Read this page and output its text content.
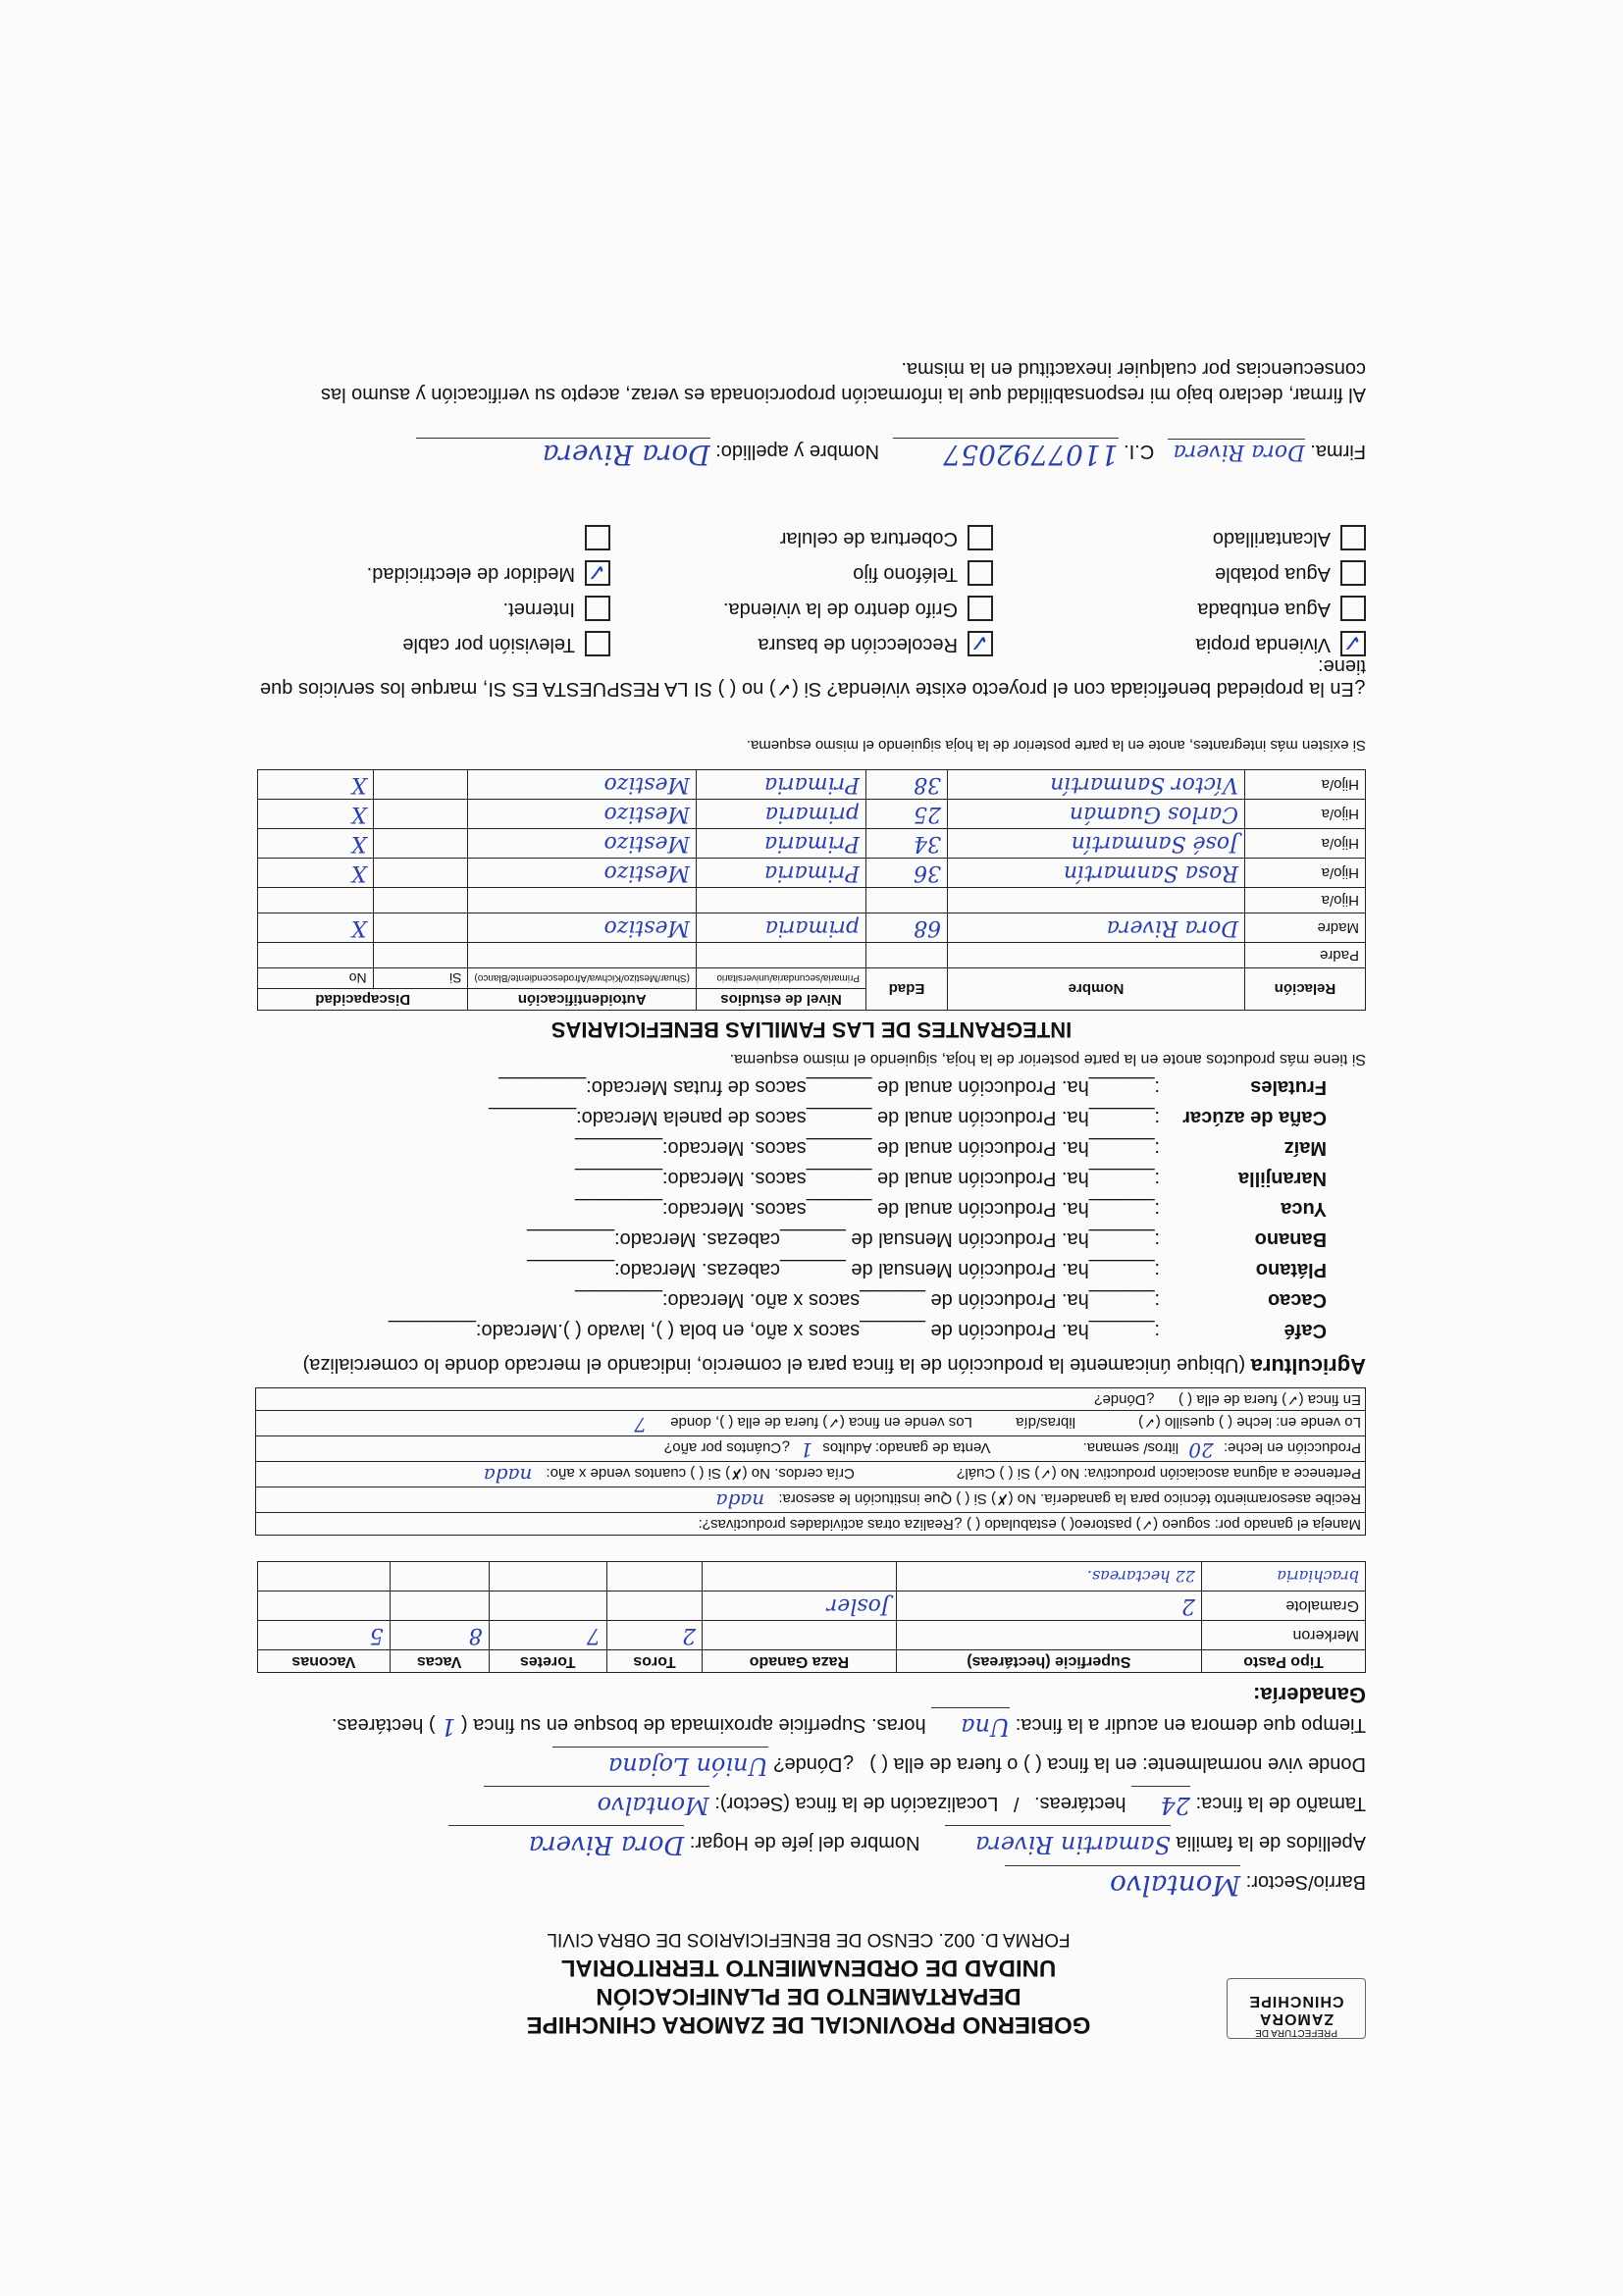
PREFECTURA DE
ZAMORA CHINCHIPE
GOBIERNO PROVINCIAL DE ZAMORA CHINCHIPE
DEPARTAMENTO DE PLANIFICACIÓN
UNIDAD DE ORDENAMIENTO TERRITORIAL
FORMA D. 002. CENSO DE BENEFICIARIOS DE OBRA CIVIL
Barrio/Sector: Montalvo
Apellidos de la familia Samartin Rivera Nombre del jefe de Hogar: Dora Rivera
Tamaño de la finca: 24 hectáreas. / Localización de la finca (Sector): Montalvo
Donde vive normalmente: en la finca ( ) o fuera de ella ( ) ¿Dónde? Unión Lojana
Tiempo que demora en acudir a la finca: Una horas. Superficie aproximada de bosque en su finca ( 1 ) hectáreas.
Ganadería:
Tipo Pasto	Superficie (hectáreas)	Raza Ganado	Toros	Toretes	Vacas	Vaconas
Merkeron			2	7	8	5
Gramalote	2	Josler				
brachiaria	22 hectareas.					
Maneja el ganado por: sogueo (✓) pastoreo( ) estabulado ( ) ¿Realiza otras actividades productivas?:
Recibe asesoramiento técnico para la ganadería. No (✗) Si ( ) Que institución le asesora: nada
Pertenece a alguna asociación productiva: No (✓) Si ( ) Cuál? Cría cerdos. No (✗) Si ( ) cuantos vende x año: nada
Producción en leche: 20 litros/ semana. Venta de ganado: Adultos 1 ¿Cuántos por año?
Lo vende en: leche ( ) quesillo (✓) libras/día Los vende en finca (✓) fuera de ella ( ), donde 7
En finca (✓) fuera de ella ( ) ¿Dónde?
Agricultura (Ubique únicamente la producción de la finca para el comercio, indicando el mercado donde lo comercializa)
Café:______ha. Producción de ______sacos x año, en bola ( ), lavado ( ).Mercado:________
Cacao:______ha. Producción de ______sacos x año. Mercado:________
Plátano:______ha. Producción Mensual de ______cabezas. Mercado:________
Banano:______ha. Producción Mensual de ______cabezas. Mercado:________
Yuca:______ha. Producción anual de ______sacos. Mercado:________
Naranjilla:______ha. Producción anual de ______sacos. Mercado:________
Maíz:______ha. Producción anual de ______sacos. Mercado:________
Caña de azúcar:______ha. Producción anual de ______sacos de panela Mercado:________
Frutales:______ha. Producción anual de ______sacos de frutas Mercado:________
Si tiene más productos anote en la parte posterior de la hoja, siguiendo el mismo esquema.
INTEGRANTES DE LAS FAMILIAS BENEFICIARIAS
Relación	Nombre	Edad	Nivel de estudios	Autoidentificación	Discapacidad	
			Primaria/secundaria/universitario	(Shuar/Mestizo/Kichwa/Afrodescendiente/Blanco)	Si	No
Padre						
Madre	Dora Rivera	68	primaria	Mestizo		X
Hijo/a						
Hijo/a	Rosa Sanmartín	36	Primaria	Mestizo		X
Hijo/a	José Sanmartín	34	Primaria	Mestizo		X
Hijo/a	Carlos Guamán	25	primaria	Mestizo		X
Hijo/a	Víctor Sanmartín	38	Primaria	Mestizo		X
Si existen más integrantes, anote en la parte posterior de la hoja siguiendo el mismo esquema.
¿En la propiedad beneficiada con el proyecto existe vivienda? Si (✓) no ( ) SI LA RESPUESTA ES SI, marque los servicios que tiene:
✓Vivienda propia
Agua entubada
Agua potable
Alcantarillado
✓Recolección de basura
Grifo dentro de la vivienda.
Teléfono fijo
Cobertura de celular
Televisión por cable
Internet.
✓Medidor de electricidad.
Firma. Dora Rivera C.I. 1107792057 Nombre y apellido: Dora Rivera
Al firmar, declaro bajo mi responsabilidad que la información proporcionada es veraz, acepto su verificación y asumo las consecuencias por cualquier inexactitud en la misma.
